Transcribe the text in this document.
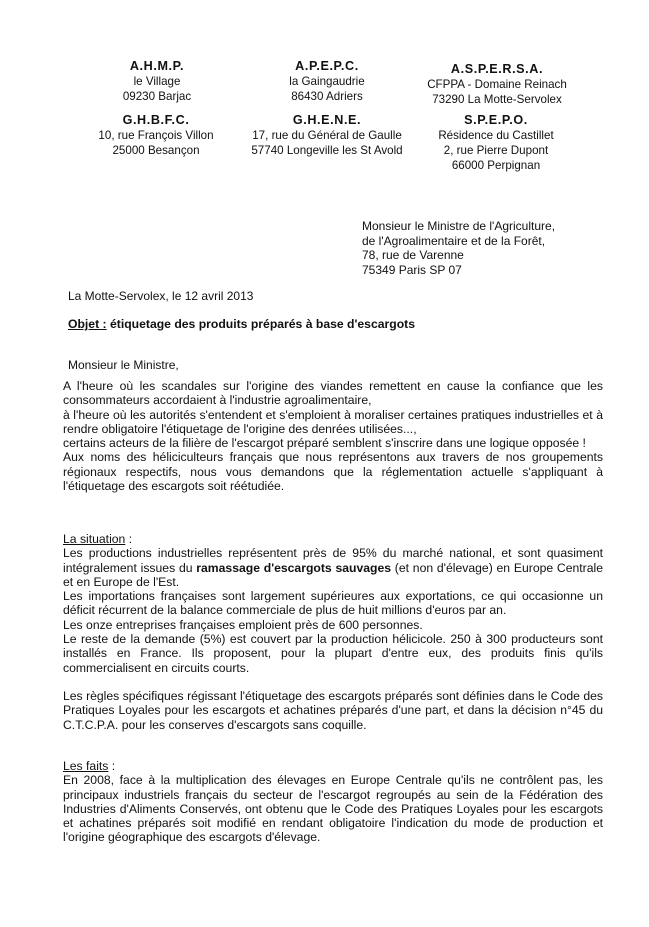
A.H.M.P.
le Village
09230 Barjac
A.P.E.P.C.
la Gaingaudrie
86430 Adriers
A.S.P.E.R.S.A.
CFPPA - Domaine Reinach
73290 La Motte-Servolex
G.H.B.F.C.
10, rue François Villon
25000 Besançon
G.H.E.N.E.
17, rue du Général de Gaulle
57740 Longeville les St Avold
S.P.E.P.O.
Résidence du Castillet
2, rue Pierre Dupont
66000 Perpignan
Monsieur le Ministre de l'Agriculture,
de l'Agroalimentaire et de la Forêt,
78, rue de Varenne
75349 Paris SP 07
La Motte-Servolex, le 12 avril 2013
Objet : étiquetage des produits préparés à base d'escargots
Monsieur le Ministre,

A l'heure où les scandales sur l'origine des viandes remettent en cause la confiance que les consommateurs accordaient à l'industrie agroalimentaire,

à l'heure où les autorités s'entendent et s'emploient à moraliser certaines pratiques industrielles et à rendre obligatoire l'étiquetage de l'origine des denrées utilisées...,

certains acteurs de la filière de l'escargot préparé semblent s'inscrire dans une logique opposée !

Aux noms des héliciculteurs français que nous représentons aux travers de nos groupements régionaux respectifs, nous vous demandons que la réglementation actuelle s'appliquant à l'étiquetage des escargots soit réétudiée.

La situation :

Les productions industrielles représentent près de 95% du marché national, et sont quasiment intégralement issues du ramassage d'escargots sauvages (et non d'élevage) en Europe Centrale et en Europe de l'Est.

Les importations françaises sont largement supérieures aux exportations, ce qui occasionne un déficit récurrent de la balance commerciale de plus de huit millions d'euros par an.

Les onze entreprises françaises emploient près de 600 personnes.

Le reste de la demande (5%) est couvert par la production hélicicole. 250 à 300 producteurs sont installés en France. Ils proposent, pour la plupart d'entre eux, des produits finis qu'ils commercialisent en circuits courts.

Les règles spécifiques régissant l'étiquetage des escargots préparés sont définies dans le Code des Pratiques Loyales pour les escargots et achatines préparés d'une part, et dans la décision n°45 du C.T.C.P.A. pour les conserves d'escargots sans coquille.

Les faits :

En 2008, face à la multiplication des élevages en Europe Centrale qu'ils ne contrôlent pas, les principaux industriels français du secteur de l'escargot regroupés au sein de la Fédération des Industries d'Aliments Conservés, ont obtenu que le Code des Pratiques Loyales pour les escargots et achatines préparés soit modifié en rendant obligatoire l'indication du mode de production et l'origine géographique des escargots d'élevage.
